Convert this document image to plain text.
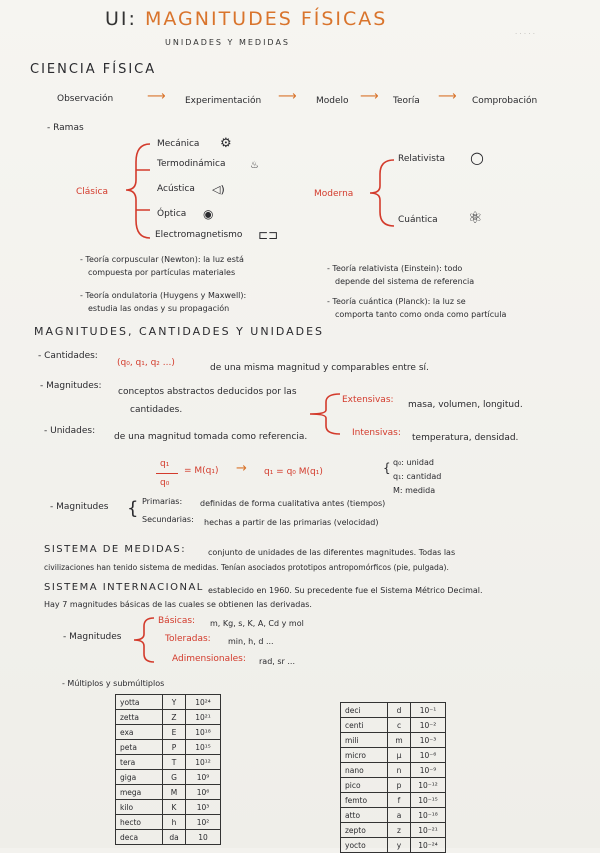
· · · · ·
UI: MAGNITUDES FÍSICAS
UNIDADES Y MEDIDAS
CIENCIA FÍSICA
Observación	⟶ Experimentación ⟶ Modelo ⟶ Teoría ⟶ Comprobación
- Ramas
Clásica
Mecánica
Termodinámica
Acústica
Óptica
Electromagnetismo
⚙
♨
◁)
◉
⊏⊐
Moderna
Relativista ○
Cuántica ⚛
- Teoría corpuscular (Newton): la luz está
compuesta por partículas materiales
- Teoría ondulatoria (Huygens y Maxwell):
estudia las ondas y su propagación
- Teoría relativista (Einstein): todo
depende del sistema de referencia
- Teoría cuántica (Planck): la luz se
comporta tanto como onda como partícula
MAGNITUDES, CANTIDADES Y UNIDADES
- Cantidades:
(q₀, q₁, q₂ ...)	de una misma magnitud y comparables entre sí.
- Magnitudes:
conceptos abstractos deducidos por las
cantidades.
Extensivas: masa, volumen, longitud.
Intensivas: temperatura, densidad.
- Unidades:
de una magnitud tomada como referencia.
q₁
q₀
= M(q₁) → q₁ = q₀ M(q₁)	{ q₀: unidad
q₁: cantidad
M: medida
- Magnitudes { Primarias: definidas de forma cualitativa antes (tiempos)
Secundarias: hechas a partir de las primarias (velocidad)
SISTEMA DE MEDIDAS:	conjunto de unidades de las diferentes magnitudes. Todas las
civilizaciones han tenido sistema de medidas. Tenían asociados prototipos antropomórficos (pie, pulgada).
SISTEMA INTERNACIONAL establecido en 1960. Su precedente fue el Sistema Métrico Decimal.
Hay 7 magnitudes básicas de las cuales se obtienen las derivadas.
- Magnitudes
Básicas: m, Kg, s, K, A, Cd y mol
Toleradas: min, h, d ...
Adimensionales: rad, sr ...
- Múltiplos y submúltiplos
yotta	Y	10²⁴
zetta	Z	10²¹
exa	E	10¹⁸
peta	P	10¹⁵
tera	T	10¹²
giga	G	10⁹
mega	M	10⁶
kilo	K	10³
hecto	h	10²
deca	da	10
deci	d	10⁻¹
centi	c	10⁻²
mili	m	10⁻³
micro	μ	10⁻⁶
nano	n	10⁻⁹
pico	p	10⁻¹²
femto	f	10⁻¹⁵
atto	a	10⁻¹⁸
zepto	z	10⁻²¹
yocto	y	10⁻²⁴
